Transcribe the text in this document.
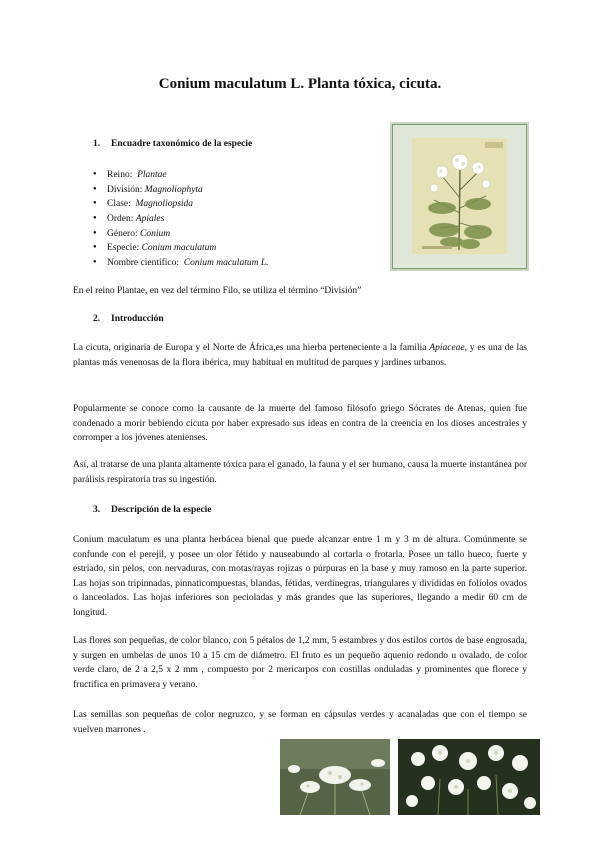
Conium maculatum L. Planta tóxica, cicuta.
1. Encuadre taxonómico de la especie
● Reino: Plantae
● División: Magnoliophyta
● Clase: Magnoliopsida
● Orden: Apiales
● Género: Conium
● Especie: Conium maculatum
● Nombre científico: Conium maculatum L.
En el reino Plantae, en vez del término Filo, se utiliza el término “División”
2. Introducción
La cicuta, originaria de Europa y el Norte de África,es una hierba perteneciente a la familia Apiaceae, y es una de las plantas más venenosas de la flora ibérica, muy habitual en multitud de parques y jardines urbanos.
Popularmente se conoce como la causante de la muerte del famoso filósofo griego Sócrates de Atenas, quien fue condenado a morir bebiendo cicuta por haber expresado sus ideas en contra de la creencia en los dioses ancestrales y corromper a los jóvenes atenienses.
Así, al tratarse de una planta altamente tóxica para el ganado, la fauna y el ser humano, causa la muerte instantánea por parálisis respiratoria tras su ingestión.
3. Descripción de la especie
Conium maculatum es una planta herbácea bienal que puede alcanzar entre 1 m y 3 m de altura. Comúnmente se confunde con el perejil, y posee un olor fétido y nauseabundo al cortarla o frotarla. Posee un tallo hueco, fuerte y estriado, sin pelos, con nervaduras, con motas/rayas rojizas o púrpuras en la base y muy ramoso en la parte superior. Las hojas son tripinnadas, pinnaticompuestas, blandas, fétidas, verdinegras, triangulares y divididas en folíolos ovados o lanceolados. Las hojas inferiores son pecioladas y más grandes que las superiores, llegando a medir 60 cm de longitud.
Las flores son pequeñas, de color blanco, con 5 pétalos de 1,2 mm, 5 estambres y dos estilos cortos de base engrosada, y surgen en umbelas de unos 10 a 15 cm de diámetro. El fruto es un pequeño aquenio redondo u ovalado, de color verde claro, de 2 a 2,5 x 2 mm , compuesto por 2 mericarpos con costillas onduladas y prominentes que florece y fructifica en primavera y verano.
Las semillas son pequeñas de color negruzco, y se forman en cápsulas verdes y acanaladas que con el tiempo se vuelven marrones .
